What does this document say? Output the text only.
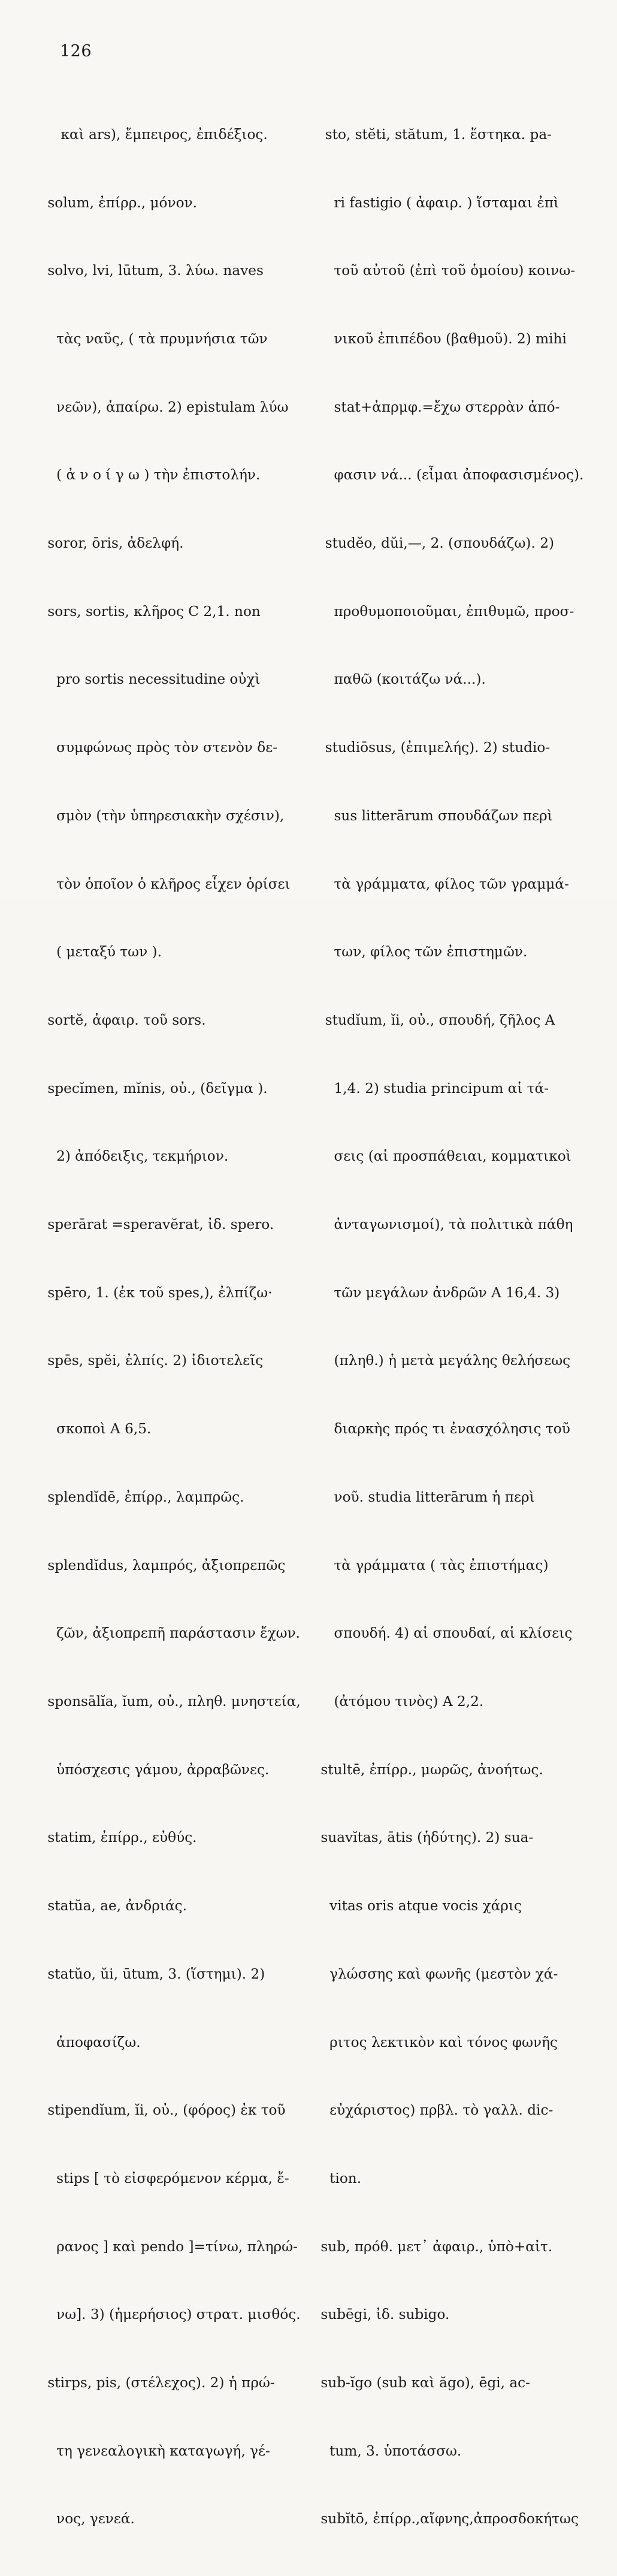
126

καὶ ars), ἔμπειρος, ἐπιδέξιος.

solum, ἐπίρρ., μόνον.

solvo, lvi, lūtum, 3. λύω. naves

τὰς ναῦς, ( τὰ πρυμνήσια τῶν

νεῶν), ἀπαίρω. 2) epistulam λύω

( ἀ ν ο ί γ ω ) τὴν ἐπιστολήν.

soror, ōris, ἀδελφή.

sors, sortis, κλῆρος C 2,1. non

pro sortis necessitudine οὐχὶ

συμφώνως πρὸς τὸν στενὸν δε-

σμὸν (τὴν ὑπηρεσιακὴν σχέσιν),

τὸν ὁποῖον ὁ κλῆρος εἶχεν ὁρίσει

( μεταξύ των ).

sortĕ, ἀφαιρ. τοῦ sors.

specĭmen, mĭnis, οὐ., (δεῖγμα ).

2) ἀπόδειξις, τεκμήριον.

sperārat =speravĕrat, ἰδ. spero.

spēro, 1. (ἐκ τοῦ spes,), ἐλπίζω·

spēs, spĕi, ἐλπίς. 2) ἰδιοτελεῖς

σκοποὶ A 6,5.

splendĭdē, ἐπίρρ., λαμπρῶς.

splendĭdus, λαμπρός, ἀξιοπρεπῶς

ζῶν, ἀξιοπρεπῆ παράστασιν ἔχων.

sponsālĭa, ĭum, οὐ., πληθ. μνηστεία,

ὑπόσχεσις γάμου, ἀρραβῶνες.

statim, ἐπίρρ., εὐθύς.

statŭa, ae, ἀνδριάς.

statŭo, ŭi, ūtum, 3. (ἵστημι). 2)

ἀποφασίζω.

stipendĭum, ĭi, οὐ., (φόρος) ἐκ τοῦ

stips [ τὸ εἰσφερόμενον κέρμα, ἔ-

ρανος ] καὶ pendo ]=τίνω, πληρώ-

νω]. 3) (ἡμερήσιος) στρατ. μισθός.

stirps, pis, (στέλεχος). 2) ἡ πρώ-

τη γενεαλογικὴ καταγωγή, γέ-

νος, γενεά.

sto, stĕti, stătum, 1. ἕστηκα. pa-

ri fastigio ( ἀφαιρ. ) ἵσταμαι ἐπὶ

τοῦ αὐτοῦ (ἐπὶ τοῦ ὁμοίου) κοινω-

νικοῦ ἐπιπέδου (βαθμοῦ). 2) mihi

stat+ἀπρμφ.=ἔχω στερρὰν ἀπό-

φασιν νά... (εἶμαι ἀποφασισμένος).

studĕo, dŭi,—, 2. (σπουδάζω). 2)

προθυμοποιοῦμαι, ἐπιθυμῶ, προσ-

παθῶ (κοιτάζω νά...).

studiōsus, (ἐπιμελής). 2) studio-

sus litterārum σπουδάζων περὶ

τὰ γράμματα, φίλος τῶν γραμμά-

των, φίλος τῶν ἐπιστημῶν.

studĭum, ĭi, οὐ., σπουδή, ζῆλος A

1,4. 2) studia principum αἱ τά-

σεις (αἱ προσπάθειαι, κομματικοὶ

ἀνταγωνισμοί), τὰ πολιτικὰ πάθη

τῶν μεγάλων ἀνδρῶν A 16,4. 3)

(πληθ.) ἡ μετὰ μεγάλης θελήσεως

διαρκὴς πρός τι ἐνασχόλησις τοῦ

νοῦ. studia litterārum ἡ περὶ

τὰ γράμματα ( τὰς ἐπιστήμας)

σπουδή. 4) αἱ σπουδαί, αἱ κλίσεις

(ἀτόμου τινὸς) A 2,2.

stultē, ἐπίρρ., μωρῶς, ἀνοήτως.

suavĭtas, ātis (ἡδύτης). 2) sua-

vitas oris atque vocis χάρις

γλώσσης καὶ φωνῆς (μεστὸν χά-

ριτος λεκτικὸν καὶ τόνος φωνῆς

εὐχάριστος) πρβλ. τὸ γαλλ. dic-

tion.

sub, πρόθ. μετ᾽ ἀφαιρ., ὑπὸ+αἰτ.

subēgi, ἰδ. subigo.

sub-ĭgo (sub καὶ ăgo), ēgi, ac-

tum, 3. ὑποτάσσω.

subĭtō, ἐπίρρ.,αἴφνης,ἀπροσδοκήτως
